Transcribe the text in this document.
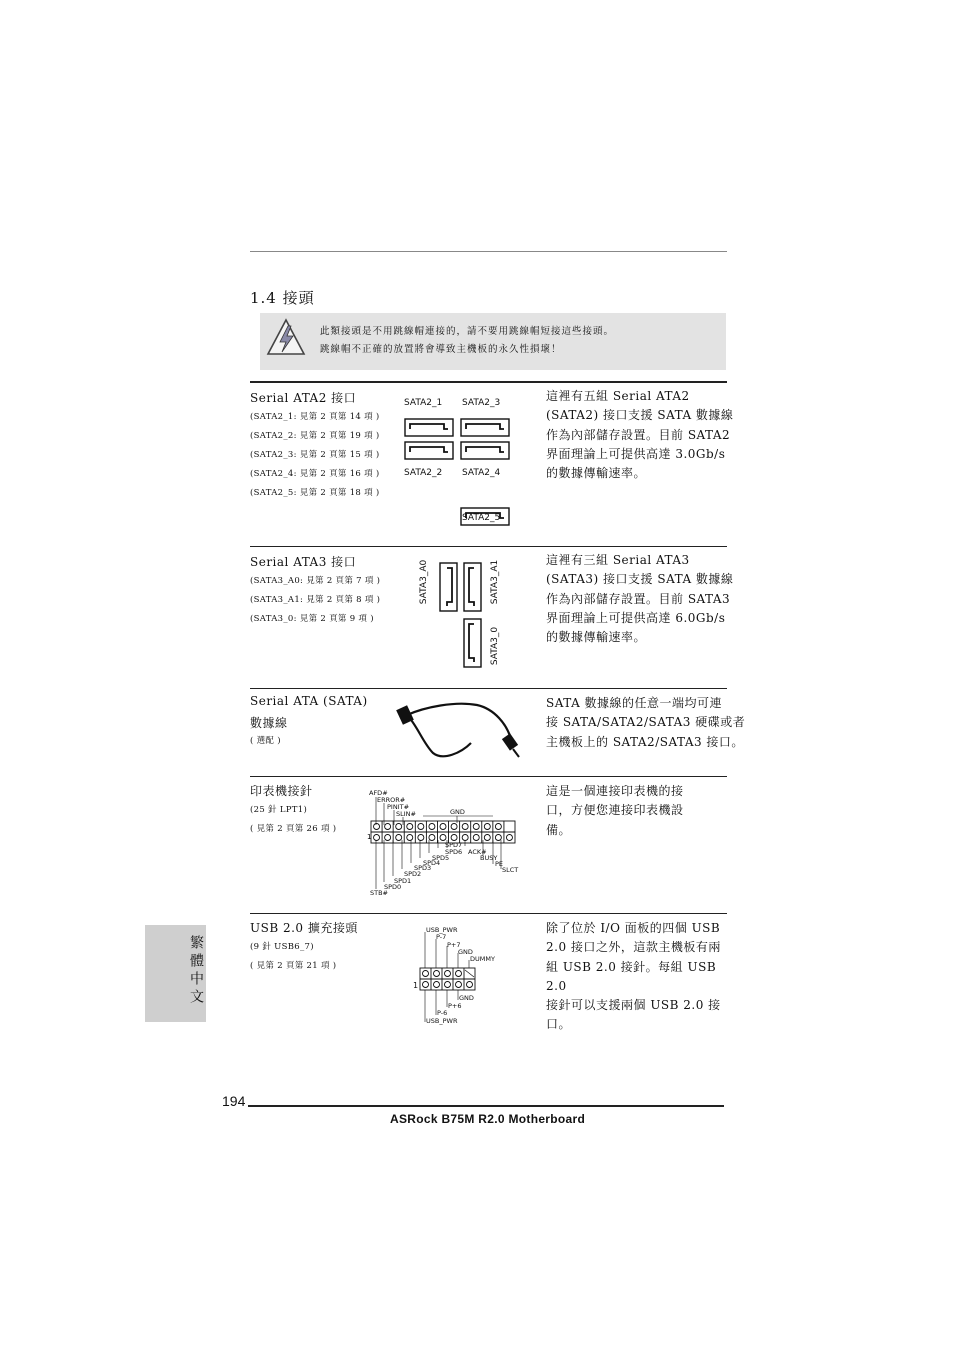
1.4 接頭
此類接頭是不用跳線帽連接的，請不要用跳線帽短接這些接頭。
跳線帽不正確的放置將會導致主機板的永久性損壞！
Serial ATA2 接口
(SATA2_1: 見第 2 頁第 14 項 )
(SATA2_2: 見第 2 頁第 19 項 )
(SATA2_3: 見第 2 頁第 15 項 )
(SATA2_4: 見第 2 頁第 16 項 )
(SATA2_5: 見第 2 頁第 18 項 )
SATA2_1 SATA2_3
SATA2_2 SATA2_4
SATA2_5
這裡有五組 Serial ATA2
(SATA2) 接口支援 SATA 數據線
作為內部儲存設置。目前 SATA2
界面理論上可提供高達 3.0Gb/s
的數據傳輸速率。
Serial ATA3 接口
(SATA3_A0: 見第 2 頁第 7 項 )
(SATA3_A1: 見第 2 頁第 8 項 )
(SATA3_0: 見第 2 頁第 9 項 )
SATA3_A0	SATA3_A1
SATA3_0
這裡有三組 Serial ATA3
(SATA3) 接口支援 SATA 數據線
作為內部儲存設置。目前 SATA3
界面理論上可提供高達 6.0Gb/s
的數據傳輸速率。
Serial ATA (SATA)
數據線
( 選配 )
SATA 數據線的任意一端均可連
接 SATA/SATA2/SATA3 硬碟或者
主機板上的 SATA2/SATA3 接口。
印表機接針
(25 針 LPT1)
( 見第 2 頁第 26 項 )
AFD#
ERROR#
PINIT#
SLIN#	GND
1
SPD7
SPD6 ACK#
SPD5	BUSY
SPD4	PE
SPD3	SLCT
SPD2
SPD1
SPD0
STB#
這是一個連接印表機的接
口，方便您連接印表機設
備。
USB 2.0 擴充接頭
(9 針 USB6_7)
( 見第 2 頁第 21 項 )
USB_PWR
P-7
P+7
GND
DUMMY
1
GND
P+6
P-6
USB_PWR
除了位於 I/O 面板的四個 USB
2.0 接口之外，這款主機板有兩
組 USB 2.0 接針。每組 USB 2.0
接針可以支援兩個 USB 2.0 接
口。
繁體中文
194
ASRock B75M R2.0 Motherboard
